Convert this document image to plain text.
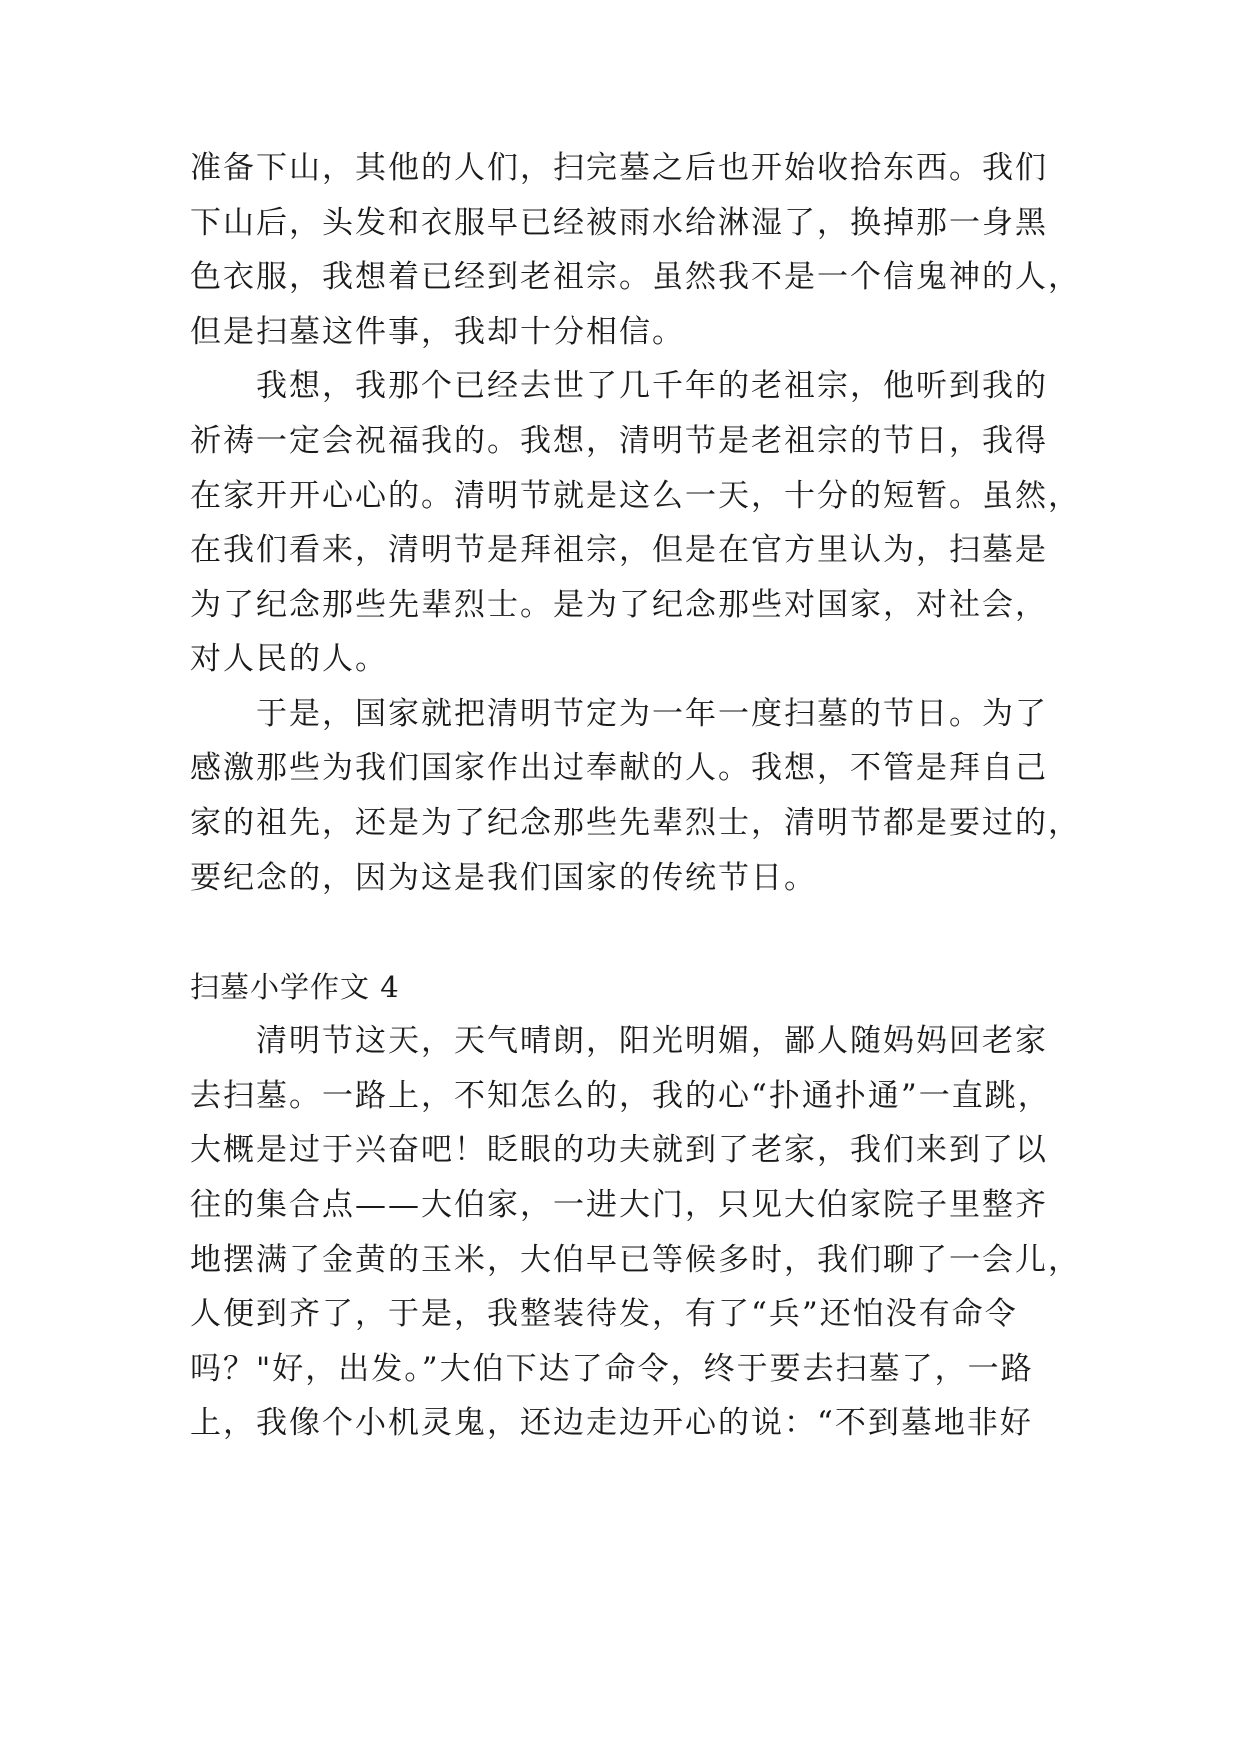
准备下山，其他的人们，扫完墓之后也开始收拾东西。我们
下山后，头发和衣服早已经被雨水给淋湿了，换掉那一身黑
色衣服，我想着已经到老祖宗。虽然我不是一个信鬼神的人，
但是扫墓这件事，我却十分相信。
我想，我那个已经去世了几千年的老祖宗，他听到我的
祈祷一定会祝福我的。我想，清明节是老祖宗的节日，我得
在家开开心心的。清明节就是这么一天，十分的短暂。虽然，
在我们看来，清明节是拜祖宗，但是在官方里认为，扫墓是
为了纪念那些先辈烈士。是为了纪念那些对国家，对社会，
对人民的人。
于是，国家就把清明节定为一年一度扫墓的节日。为了
感激那些为我们国家作出过奉献的人。我想，不管是拜自己
家的祖先，还是为了纪念那些先辈烈士，清明节都是要过的，
要纪念的，因为这是我们国家的传统节日。
扫墓小学作文 4
清明节这天，天气晴朗，阳光明媚，鄙人随妈妈回老家
去扫墓。一路上，不知怎么的，我的心“扑通扑通”一直跳，
大概是过于兴奋吧！眨眼的功夫就到了老家，我们来到了以
往的集合点——大伯家，一进大门，只见大伯家院子里整齐
地摆满了金黄的玉米，大伯早已等候多时，我们聊了一会儿，
人便到齐了，于是，我整装待发，有了“兵”还怕没有命令
吗？"好，出发。”大伯下达了命令，终于要去扫墓了，一路
上，我像个小机灵鬼，还边走边开心的说：“不到墓地非好
